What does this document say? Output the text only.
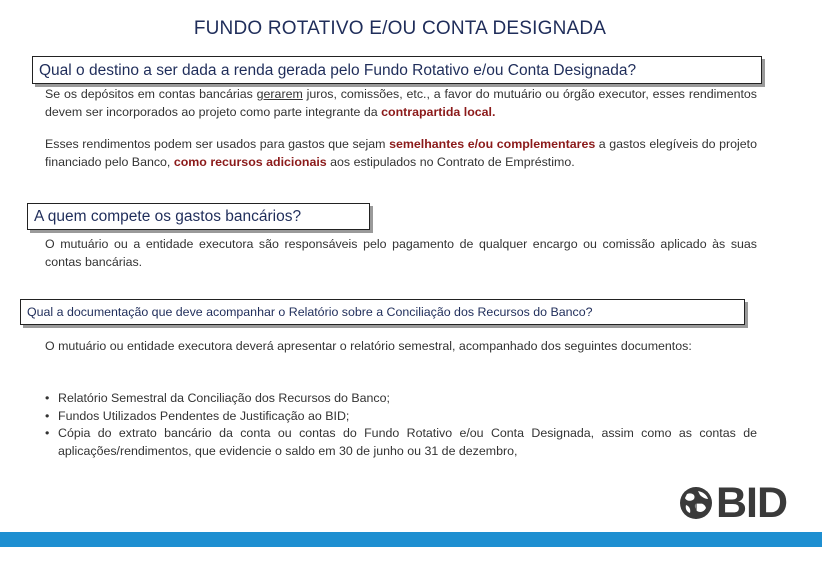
FUNDO ROTATIVO E/OU CONTA DESIGNADA
Qual o destino a ser dada a renda gerada pelo Fundo Rotativo e/ou Conta Designada?
Se os depósitos em contas bancárias gerarem juros, comissões, etc., a favor do mutuário ou órgão executor, esses rendimentos devem ser incorporados ao projeto como parte integrante da contrapartida local.
Esses rendimentos podem ser usados para gastos que sejam semelhantes e/ou complementares a gastos elegíveis do projeto financiado pelo Banco, como recursos adicionais aos estipulados no Contrato de Empréstimo.
A quem compete os gastos bancários?
O mutuário ou a entidade executora são responsáveis pelo pagamento de qualquer encargo ou comissão aplicado às suas contas bancárias.
Qual a documentação que deve acompanhar o Relatório sobre a Conciliação dos Recursos do Banco?
O mutuário ou entidade executora deverá apresentar o relatório semestral, acompanhado dos seguintes documentos:
• Relatório Semestral da Conciliação dos Recursos do Banco;
• Fundos Utilizados Pendentes de Justificação ao BID;
• Cópia do extrato bancário da conta ou contas do Fundo Rotativo e/ou Conta Designada, assim como as contas de aplicações/rendimentos, que evidencie o saldo em 30 de junho ou 31 de dezembro,
BID
